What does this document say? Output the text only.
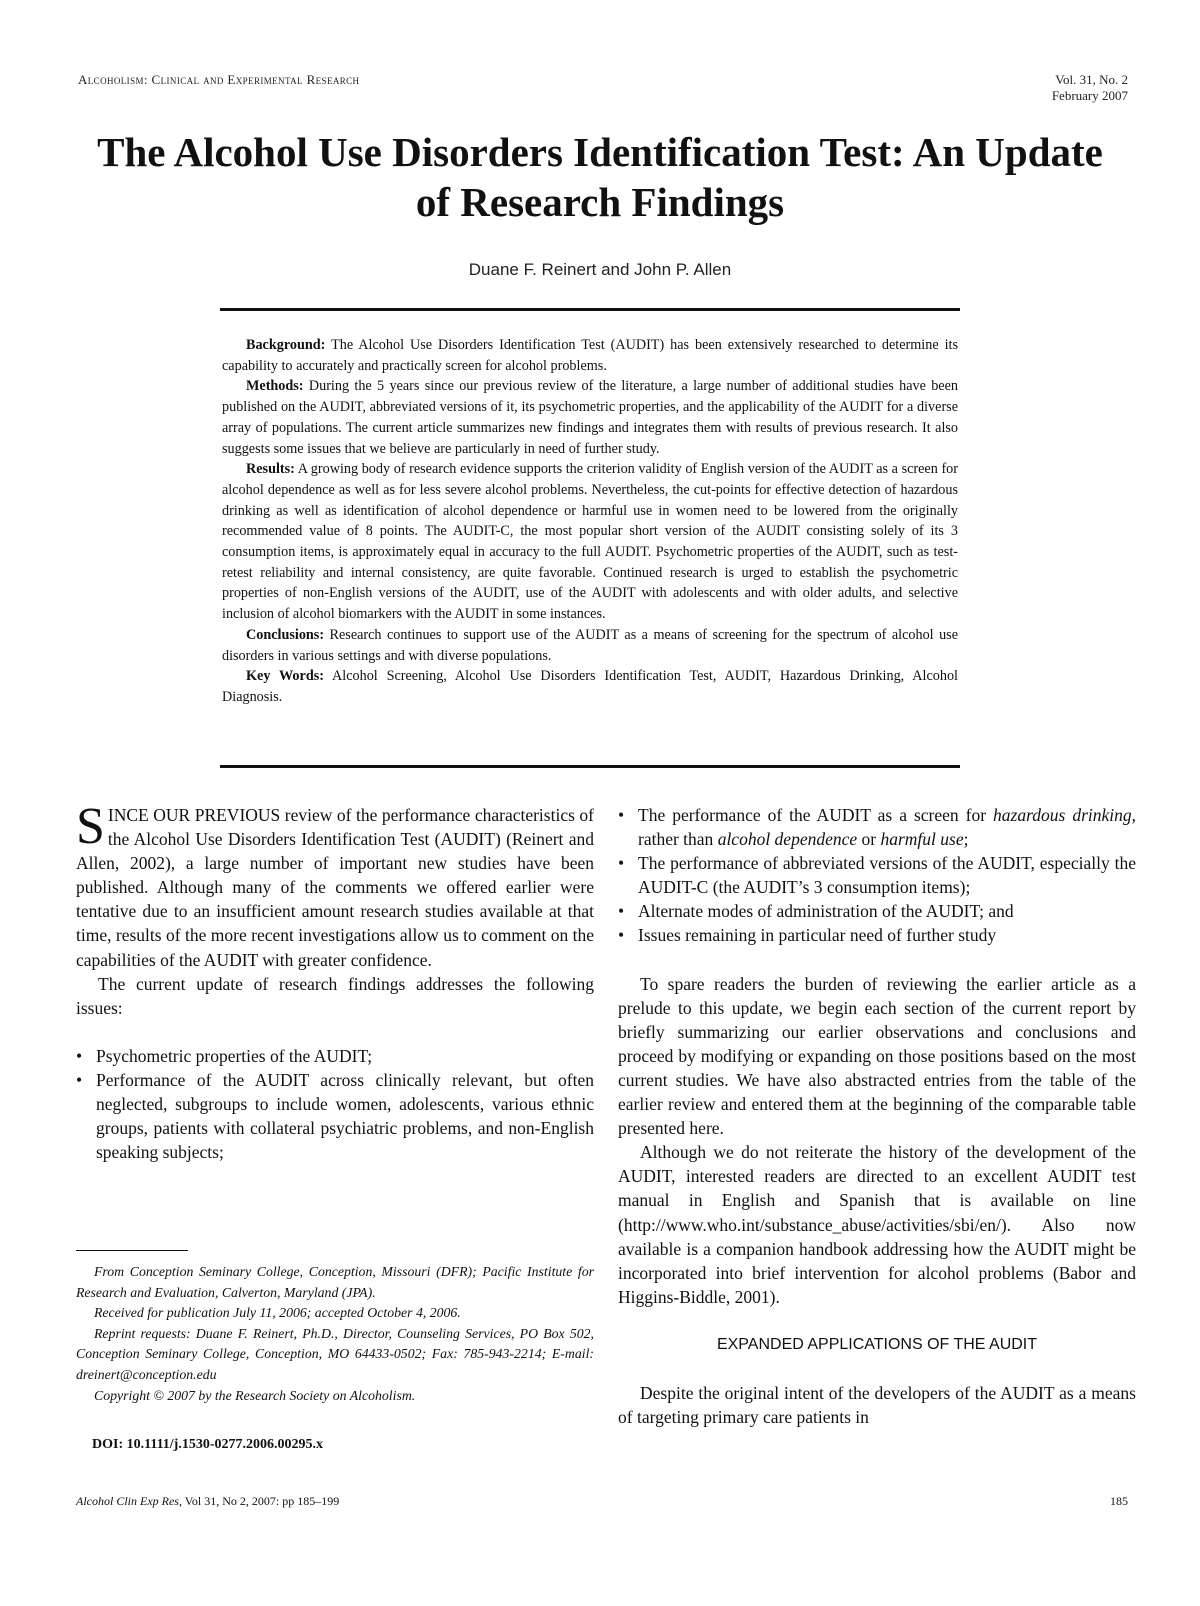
Alcoholism: Clinical and Experimental Research	Vol. 31, No. 2
February 2007
The Alcohol Use Disorders Identification Test: An Update
of Research Findings
Duane F. Reinert and John P. Allen

Background: The Alcohol Use Disorders Identification Test (AUDIT) has been extensively researched to determine its capability to accurately and practically screen for alcohol problems.

Methods: During the 5 years since our previous review of the literature, a large number of additional studies have been published on the AUDIT, abbreviated versions of it, its psychometric properties, and the applicability of the AUDIT for a diverse array of populations. The current article summarizes new findings and integrates them with results of previous research. It also suggests some issues that we believe are particularly in need of further study.

Results: A growing body of research evidence supports the criterion validity of English version of the AUDIT as a screen for alcohol dependence as well as for less severe alcohol problems. Nevertheless, the cut-points for effective detection of hazardous drinking as well as identification of alcohol dependence or harmful use in women need to be lowered from the originally recommended value of 8 points. The AUDIT-C, the most popular short version of the AUDIT consisting solely of its 3 consumption items, is approximately equal in accuracy to the full AUDIT. Psychometric properties of the AUDIT, such as test-retest reliability and internal consistency, are quite favorable. Continued research is urged to establish the psychometric properties of non-English versions of the AUDIT, use of the AUDIT with adolescents and with older adults, and selective inclusion of alcohol biomarkers with the AUDIT in some instances.

Conclusions: Research continues to support use of the AUDIT as a means of screening for the spectrum of alcohol use disorders in various settings and with diverse populations.

Key Words: Alcohol Screening, Alcohol Use Disorders Identification Test, AUDIT, Hazardous Drinking, Alcohol Diagnosis.

SINCE OUR PREVIOUS review of the performance characteristics of the Alcohol Use Disorders Identification Test (AUDIT) (Reinert and Allen, 2002), a large number of important new studies have been published. Although many of the comments we offered earlier were tentative due to an insufficient amount research studies available at that time, results of the more recent investigations allow us to comment on the capabilities of the AUDIT with greater confidence.

The current update of research findings addresses the following issues:

• Psychometric properties of the AUDIT;
• Performance of the AUDIT across clinically relevant, but often neglected, subgroups to include women, adolescents, various ethnic groups, patients with collateral psychiatric problems, and non-English speaking subjects;
• The performance of the AUDIT as a screen for hazardous drinking, rather than alcohol dependence or harmful use;
• The performance of abbreviated versions of the AUDIT, especially the AUDIT-C (the AUDIT’s 3 consumption items);
• Alternate modes of administration of the AUDIT; and
• Issues remaining in particular need of further study

To spare readers the burden of reviewing the earlier article as a prelude to this update, we begin each section of the current report by briefly summarizing our earlier observations and conclusions and proceed by modifying or expanding on those positions based on the most current studies. We have also abstracted entries from the table of the earlier review and entered them at the beginning of the comparable table presented here.

Although we do not reiterate the history of the development of the AUDIT, interested readers are directed to an excellent AUDIT test manual in English and Spanish that is available on line (http://www.who.int/substance_abuse/activities/sbi/en/). Also now available is a companion handbook addressing how the AUDIT might be incorporated into brief intervention for alcohol problems (Babor and Higgins-Biddle, 2001).

EXPANDED APPLICATIONS OF THE AUDIT

Despite the original intent of the developers of the AUDIT as a means of targeting primary care patients in

From Conception Seminary College, Conception, Missouri (DFR); Pacific Institute for Research and Evaluation, Calverton, Maryland (JPA).

Received for publication July 11, 2006; accepted October 4, 2006.

Reprint requests: Duane F. Reinert, Ph.D., Director, Counseling Services, PO Box 502, Conception Seminary College, Conception, MO 64433-0502; Fax: 785-943-2214; E-mail: dreinert@conception.edu

Copyright © 2007 by the Research Society on Alcoholism.

DOI: 10.1111/j.1530-0277.2006.00295.x
Alcohol Clin Exp Res, Vol 31, No 2, 2007: pp 185–199	185
